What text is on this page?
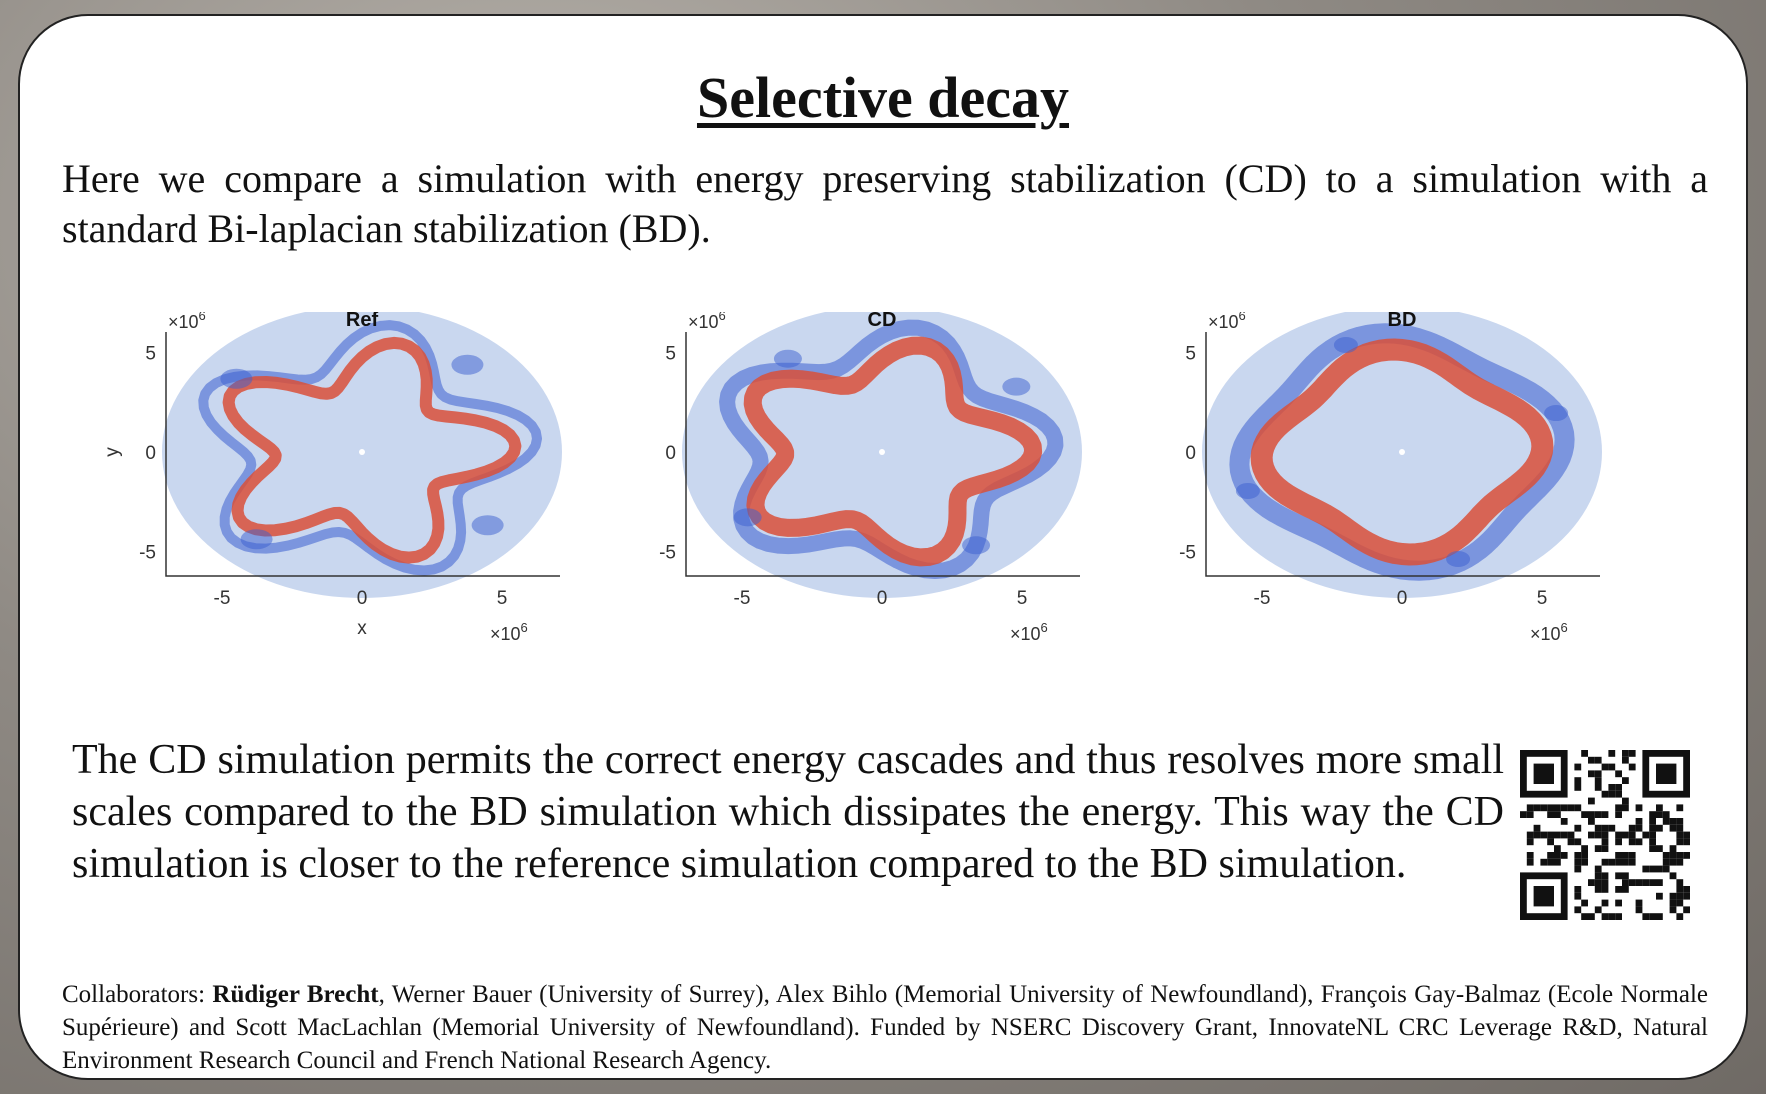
Selective decay
Here we compare a simulation with energy preserving stabilization (CD) to a simulation with a standard Bi-laplacian stabilization (BD).
Ref
$\times 10^6$
$\times 10^6$
5
0
-5
-5	0	5
x
y
CD
$\times 10^6$
$\times 10^6$
5
0
-5
-5	0	5
BD
$\times 10^6$
$\times 10^6$
5
0
-5
-5	0	5
The CD simulation permits the correct energy cascades and thus resolves more small scales compared to the BD simulation which dissipates the energy. This way the CD simulation is closer to the reference simulation compared to the BD simulation.
Collaborators: Rüdiger Brecht, Werner Bauer (University of Surrey), Alex Bihlo (Memorial University of Newfoundland), François Gay-Balmaz (Ecole Normale Supérieure) and Scott MacLachlan (Memorial University of Newfoundland). Funded by NSERC Discovery Grant, InnovateNL CRC Leverage R&D, Natural Environment Research Council and French National Research Agency.
